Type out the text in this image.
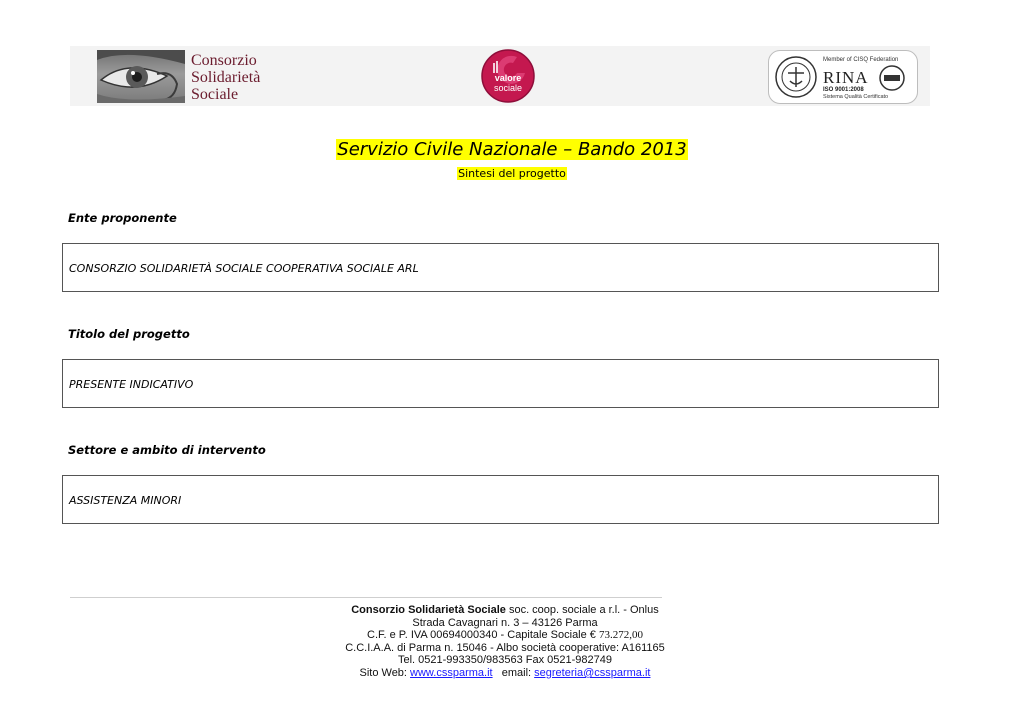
Consorzio
Solidarietà
Sociale
valore
sociale
Member of CISQ Federation
RINA
ISO 9001:2008
Sistema Qualità Certificato
Servizio Civile Nazionale – Bando 2013
Sintesi del progetto
Ente proponente
CONSORZIO SOLIDARIETÀ SOCIALE COOPERATIVA SOCIALE ARL
Titolo del progetto
PRESENTE INDICATIVO
Settore e ambito di intervento
ASSISTENZA MINORI
Consorzio Solidarietà Sociale soc. coop. sociale a r.l. - Onlus
Strada Cavagnari n. 3 – 43126 Parma
C.F. e P. IVA 00694000340 - Capitale Sociale € 73.272,00
C.C.I.A.A. di Parma n. 15046 - Albo società cooperative: A161165
Tel. 0521-993350/983563 Fax 0521-982749
Sito Web: www.cssparma.it   email: segreteria@cssparma.it
